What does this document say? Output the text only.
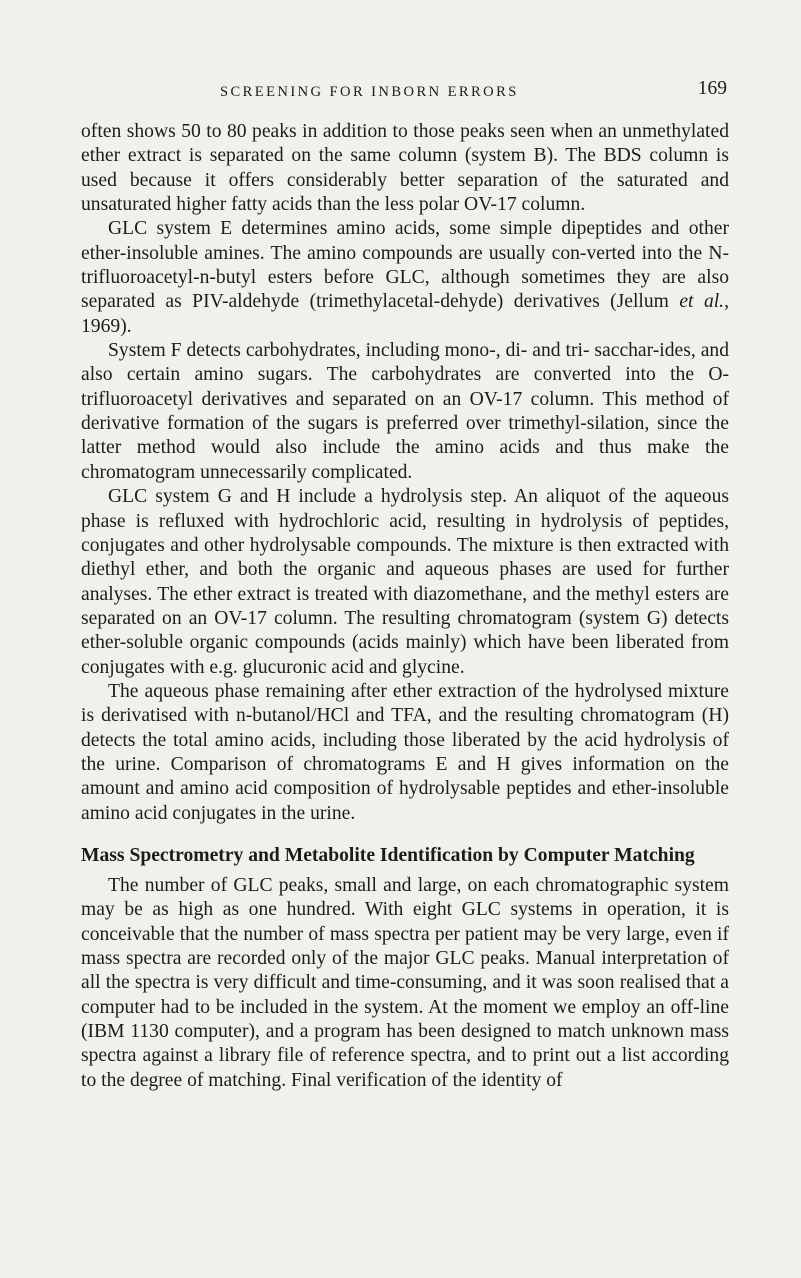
SCREENING FOR INBORN ERRORS	169

often shows 50 to 80 peaks in addition to those peaks seen when an unmethylated ether extract is separated on the same column (system B). The BDS column is used because it offers considerably better separation of the saturated and unsaturated higher fatty acids than the less polar OV-17 column.

GLC system E determines amino acids, some simple dipeptides and other ether-insoluble amines. The amino compounds are usually con-verted into the N-trifluoroacetyl-n-butyl esters before GLC, although sometimes they are also separated as PIV-aldehyde (trimethylacetal-dehyde) derivatives (Jellum et al., 1969).

System F detects carbohydrates, including mono-, di- and tri- sacchar-ides, and also certain amino sugars. The carbohydrates are converted into the O-trifluoroacetyl derivatives and separated on an OV-17 column. This method of derivative formation of the sugars is preferred over trimethyl-silation, since the latter method would also include the amino acids and thus make the chromatogram unnecessarily complicated.

GLC system G and H include a hydrolysis step. An aliquot of the aqueous phase is refluxed with hydrochloric acid, resulting in hydrolysis of peptides, conjugates and other hydrolysable compounds. The mixture is then extracted with diethyl ether, and both the organic and aqueous phases are used for further analyses. The ether extract is treated with diazomethane, and the methyl esters are separated on an OV-17 column. The resulting chromatogram (system G) detects ether-soluble organic compounds (acids mainly) which have been liberated from conjugates with e.g. glucuronic acid and glycine.

The aqueous phase remaining after ether extraction of the hydrolysed mixture is derivatised with n-butanol/HCl and TFA, and the resulting chromatogram (H) detects the total amino acids, including those liberated by the acid hydrolysis of the urine. Comparison of chromatograms E and H gives information on the amount and amino acid composition of hydrolysable peptides and ether-insoluble amino acid conjugates in the urine.

Mass Spectrometry and Metabolite Identification by Computer Matching

The number of GLC peaks, small and large, on each chromatographic system may be as high as one hundred. With eight GLC systems in operation, it is conceivable that the number of mass spectra per patient may be very large, even if mass spectra are recorded only of the major GLC peaks. Manual interpretation of all the spectra is very difficult and time-consuming, and it was soon realised that a computer had to be included in the system. At the moment we employ an off-line (IBM 1130 computer), and a program has been designed to match unknown mass spectra against a library file of reference spectra, and to print out a list according to the degree of matching. Final verification of the identity of
